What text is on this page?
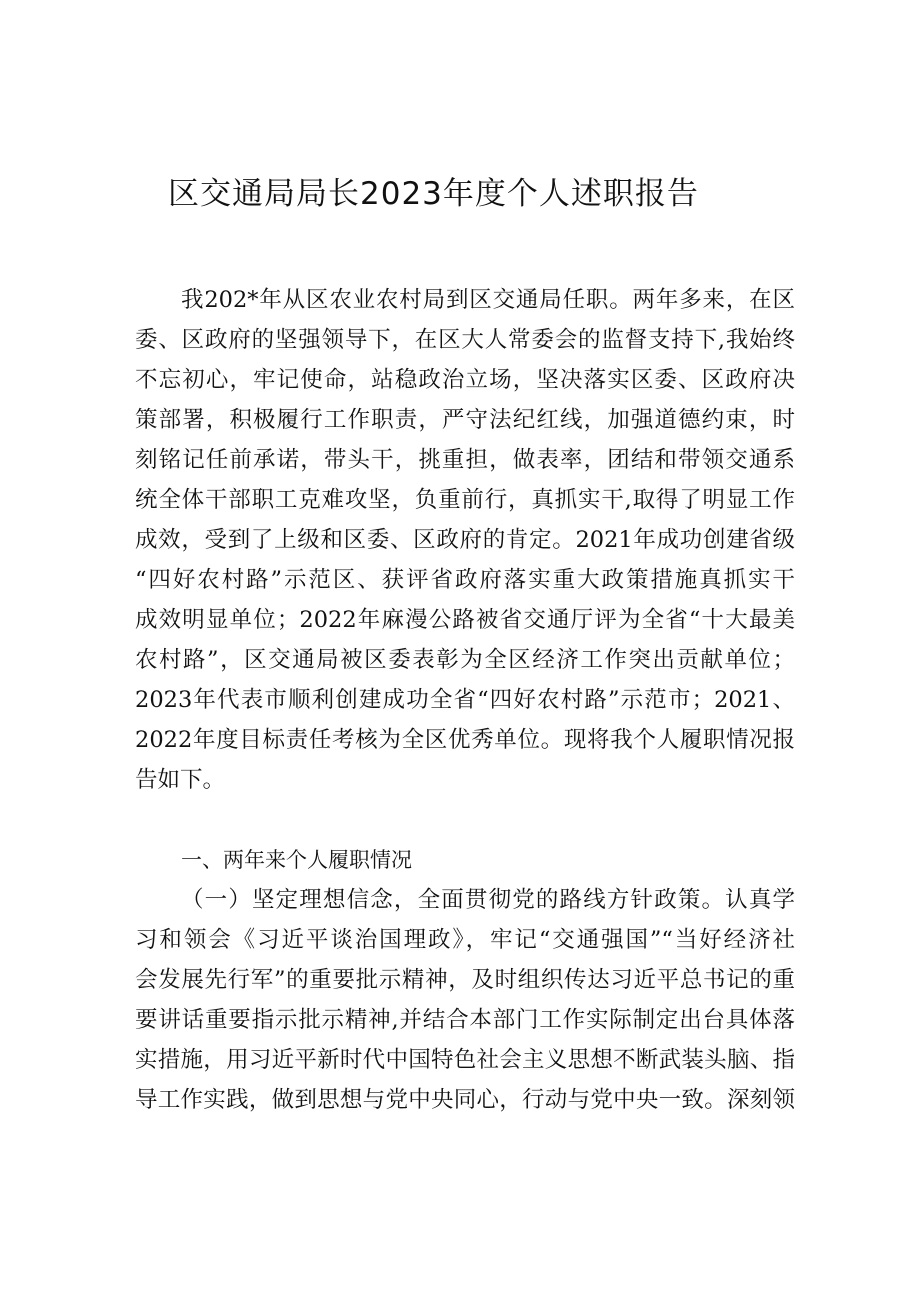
区交通局局长2023年度个人述职报告

我202*年从区农业农村局到区交通局任职。两年多来，在区

委、区政府的坚强领导下，在区大人常委会的监督支持下,我始终

不忘初心，牢记使命，站稳政治立场，坚决落实区委、区政府决

策部署，积极履行工作职责，严守法纪红线，加强道德约束，时

刻铭记任前承诺，带头干，挑重担，做表率，团结和带领交通系

统全体干部职工克难攻坚，负重前行，真抓实干,取得了明显工作

成效，受到了上级和区委、区政府的肯定。2021年成功创建省级

“四好农村路”示范区、获评省政府落实重大政策措施真抓实干

成效明显单位；2022年麻漫公路被省交通厅评为全省“十大最美

农村路”，区交通局被区委表彰为全区经济工作突出贡献单位；

2023年代表市顺利创建成功全省“四好农村路”示范市；2021、

2022年度目标责任考核为全区优秀单位。现将我个人履职情况报

告如下。

一、两年来个人履职情况

（一）坚定理想信念，全面贯彻党的路线方针政策。认真学

习和领会《习近平谈治国理政》，牢记“交通强国”“当好经济社

会发展先行军”的重要批示精神，及时组织传达习近平总书记的重

要讲话重要指示批示精神,并结合本部门工作实际制定出台具体落

实措施，用习近平新时代中国特色社会主义思想不断武装头脑、指

导工作实践，做到思想与党中央同心，行动与党中央一致。深刻领
